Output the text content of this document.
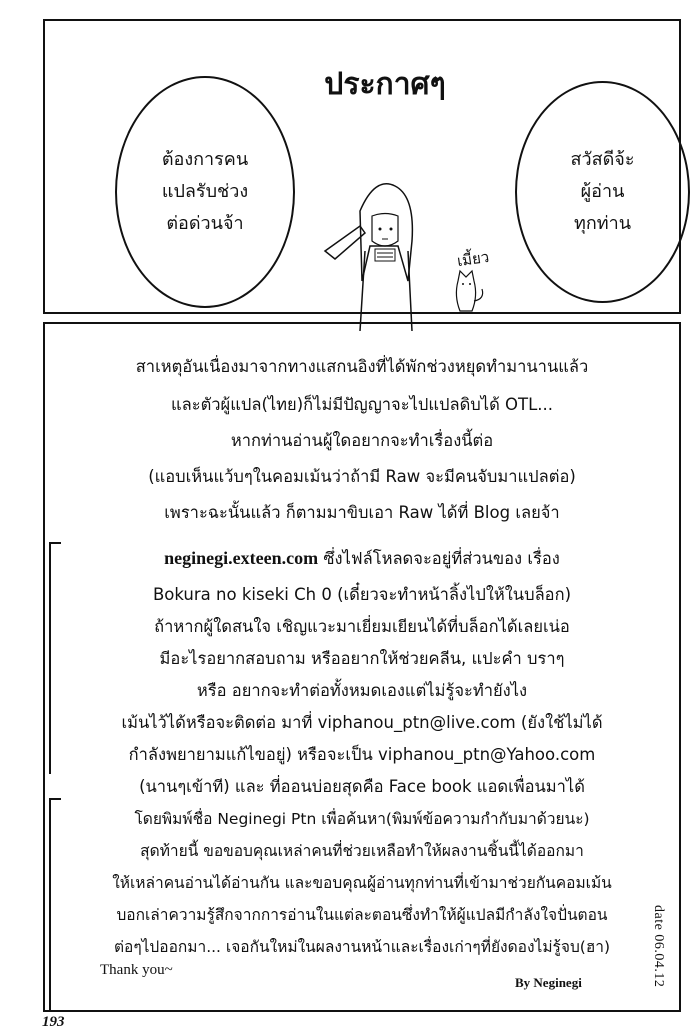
ประกาศๆ
ต้องการคน
แปลรับช่วง
ต่อด่วนจ้า
สวัสดีจ้ะ
ผู้อ่าน
ทุกท่าน
เมี้ยว
สาเหตุอันเนื่องมาจากทางแสกนอิงที่ได้พักช่วงหยุดทำมานานแล้ว
และตัวผู้แปล(ไทย)ก็ไม่มีปัญญาจะไปแปลดิบได้ OTL...
หากท่านอ่านผู้ใดอยากจะทำเรื่องนี้ต่อ
(แอบเห็นแว้บๆในคอมเม้นว่าถ้ามี Raw จะมีคนจับมาแปลต่อ)
เพราะฉะนั้นแล้ว ก็ตามมาขิบเอา Raw ได้ที่ Blog เลยจ้า
neginegi.exteen.com ซึ่งไฟล์โหลดจะอยู่ที่ส่วนของ เรื่อง
Bokura no kiseki Ch 0 (เดี๋ยวจะทำหน้าลิ้งไปให้ในบล็อก)
ถ้าหากผู้ใดสนใจ เชิญแวะมาเยี่ยมเยียนได้ที่บล็อกได้เลยเน่อ
มีอะไรอยากสอบถาม หรืออยากให้ช่วยคลีน, แปะคำ บราๆ
หรือ อยากจะทำต่อทั้งหมดเองแต่ไม่รู้จะทำยังไง
เม้นไว้ได้หรือจะติดต่อ มาที่ viphanou_ptn@live.com (ยังใช้ไม่ได้
กำลังพยายามแก้ไขอยู่) หรือจะเป็น viphanou_ptn@Yahoo.com
(นานๆเข้าที) และ ที่ออนบ่อยสุดคือ Face book แอดเพื่อนมาได้
โดยพิมพ์ชื่อ Neginegi Ptn เพื่อค้นหา(พิมพ์ข้อความกำกับมาด้วยนะ)
สุดท้ายนี้ ขอขอบคุณเหล่าคนที่ช่วยเหลือทำให้ผลงานชิ้นนี้ได้ออกมา
ให้เหล่าคนอ่านได้อ่านกัน และขอบคุณผู้อ่านทุกท่านที่เข้ามาช่วยกันคอมเม้น
บอกเล่าความรู้สึกจากการอ่านในแต่ละตอนซึ่งทำให้ผู้แปลมีกำลังใจปั่นตอน
ต่อๆไปออกมา... เจอกันใหม่ในผลงานหน้าและเรื่องเก่าๆที่ยังดองไม่รู้จบ(ฮา)
Thank you~
By Neginegi	date 06.04.12
193
